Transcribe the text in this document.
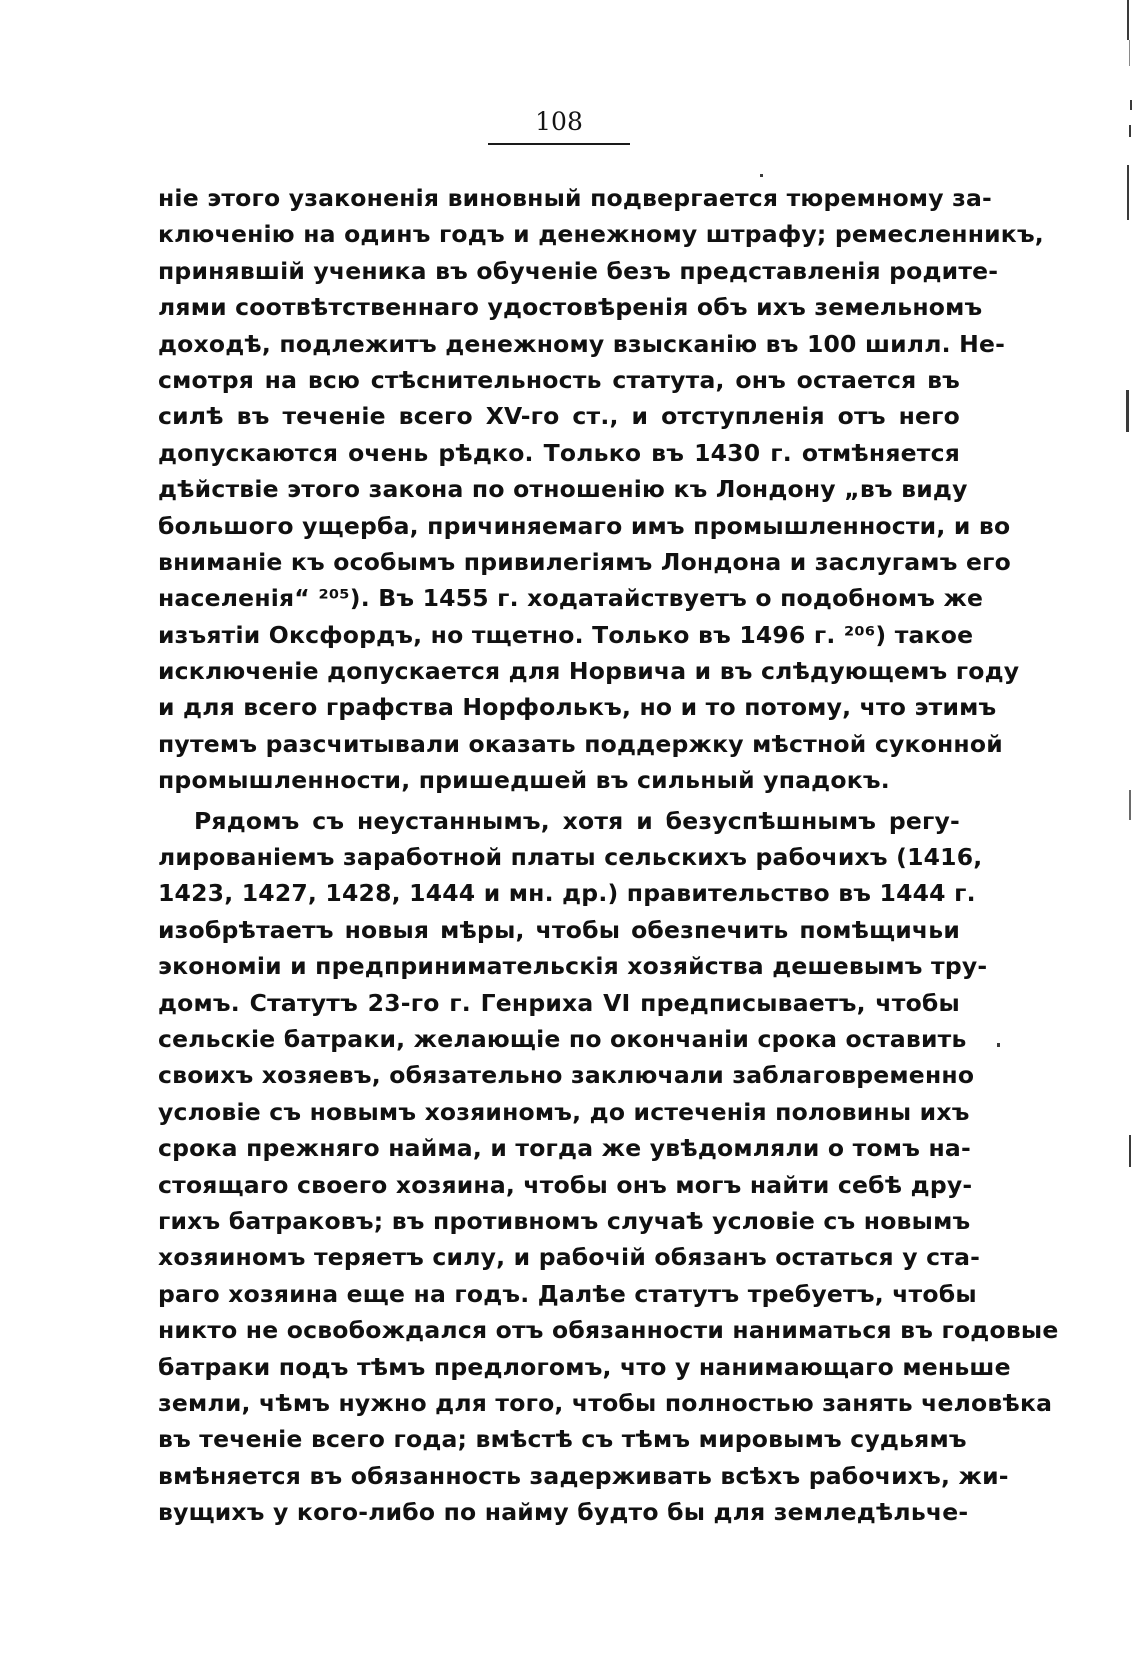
108
нiе этого узаконенiя виновный подвергается тюремному за-
ключенiю на одинъ годъ и денежному штрафу; ремесленникъ,
принявшiй ученика въ обученiе безъ представленiя родите-
лями соотвѣтственнаго удостовѣренiя объ ихъ земельномъ
доходѣ, подлежитъ денежному взысканiю въ 100 шилл. Не-
смотря на всю стѣснительность статута, онъ остается въ
силѣ въ теченiе всего XV-го ст., и отступленiя отъ него
допускаются очень рѣдко. Только въ 1430 г. отмѣняется
дѣйствiе этого закона по отношенiю къ Лондону „въ виду
большого ущерба, причиняемаго имъ промышленности, и во
вниманiе къ особымъ привилегiямъ Лондона и заслугамъ его
населенiя“ ²⁰⁵). Въ 1455 г. ходатайствуетъ о подобномъ же
изъятiи Оксфордъ, но тщетно. Только въ 1496 г. ²⁰⁶) такое
исключенiе допускается для Норвича и въ слѣдующемъ году
и для всего графства Норфолькъ, но и то потому, что этимъ
путемъ разсчитывали оказать поддержку мѣстной суконной
промышленности, пришедшей въ сильный упадокъ.
Рядомъ съ неустаннымъ, хотя и безуспѣшнымъ регу-
лированiемъ заработной платы сельскихъ рабочихъ (1416,
1423, 1427, 1428, 1444 и мн. др.) правительство въ 1444 г.
изобрѣтаетъ новыя мѣры, чтобы обезпечить помѣщичьи
экономiи и предпринимательскiя хозяйства дешевымъ тру-
домъ. Статутъ 23-го г. Генриха VI предписываетъ, чтобы
сельскiе батраки, желающiе по окончанiи срока оставить
своихъ хозяевъ, обязательно заключали заблаговременно
условiе съ новымъ хозяиномъ, до истеченiя половины ихъ
срока прежняго найма, и тогда же увѣдомляли о томъ на-
стоящаго своего хозяина, чтобы онъ могъ найти себѣ дру-
гихъ батраковъ; въ противномъ случаѣ условiе съ новымъ
хозяиномъ теряетъ силу, и рабочiй обязанъ остаться у ста-
раго хозяина еще на годъ. Далѣе статутъ требуетъ, чтобы
никто не освобождался отъ обязанности наниматься въ годовые
батраки подъ тѣмъ предлогомъ, что у нанимающаго меньше
земли, чѣмъ нужно для того, чтобы полностью занять человѣка
въ теченiе всего года; вмѣстѣ съ тѣмъ мировымъ судьямъ
вмѣняется въ обязанность задерживать всѣхъ рабочихъ, жи-
вущихъ у кого-либо по найму будто бы для земледѣльче-
